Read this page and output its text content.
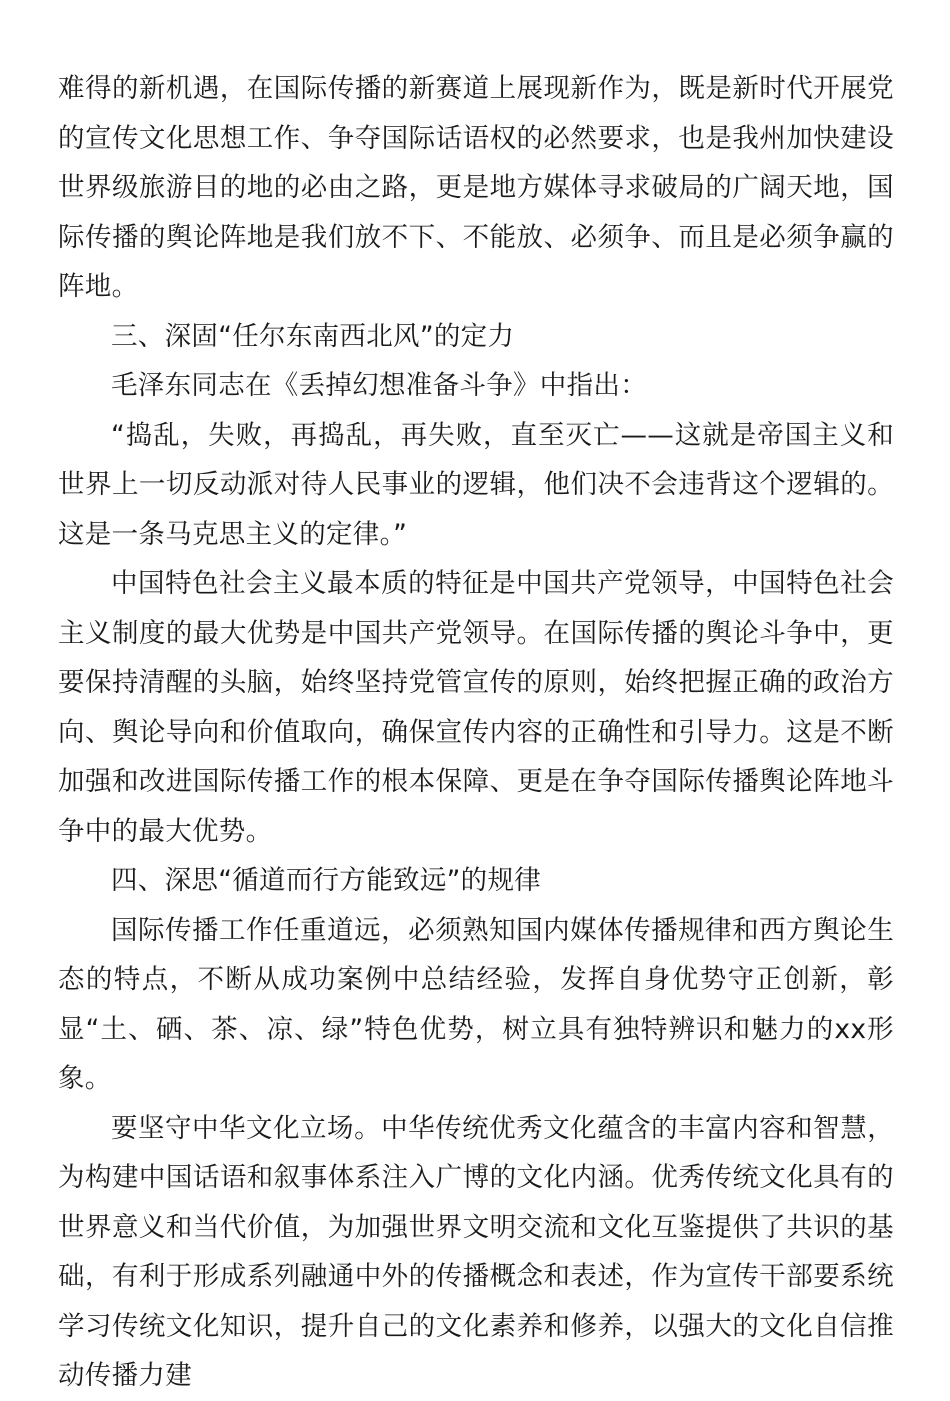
难得的新机遇，在国际传播的新赛道上展现新作为，既是新时代开展党的宣传文化思想工作、争夺国际话语权的必然要求，也是我州加快建设世界级旅游目的地的必由之路，更是地方媒体寻求破局的广阔天地，国际传播的舆论阵地是我们放不下、不能放、必须争、而且是必须争赢的阵地。

三、深固“任尔东南西北风”的定力

毛泽东同志在《丢掉幻想准备斗争》中指出：

“捣乱，失败，再捣乱，再失败，直至灭亡——这就是帝国主义和世界上一切反动派对待人民事业的逻辑，他们决不会违背这个逻辑的。这是一条马克思主义的定律。”

中国特色社会主义最本质的特征是中国共产党领导，中国特色社会主义制度的最大优势是中国共产党领导。在国际传播的舆论斗争中，更要保持清醒的头脑，始终坚持党管宣传的原则，始终把握正确的政治方向、舆论导向和价值取向，确保宣传内容的正确性和引导力。这是不断加强和改进国际传播工作的根本保障、更是在争夺国际传播舆论阵地斗争中的最大优势。

四、深思“循道而行方能致远”的规律

国际传播工作任重道远，必须熟知国内媒体传播规律和西方舆论生态的特点，不断从成功案例中总结经验，发挥自身优势守正创新，彰显“土、硒、茶、凉、绿”特色优势，树立具有独特辨识和魅力的xx形象。

要坚守中华文化立场。中华传统优秀文化蕴含的丰富内容和智慧，为构建中国话语和叙事体系注入广博的文化内涵。优秀传统文化具有的世界意义和当代价值，为加强世界文明交流和文化互鉴提供了共识的基础，有利于形成系列融通中外的传播概念和表述，作为宣传干部要系统学习传统文化知识，提升自己的文化素养和修养，以强大的文化自信推动传播力建
